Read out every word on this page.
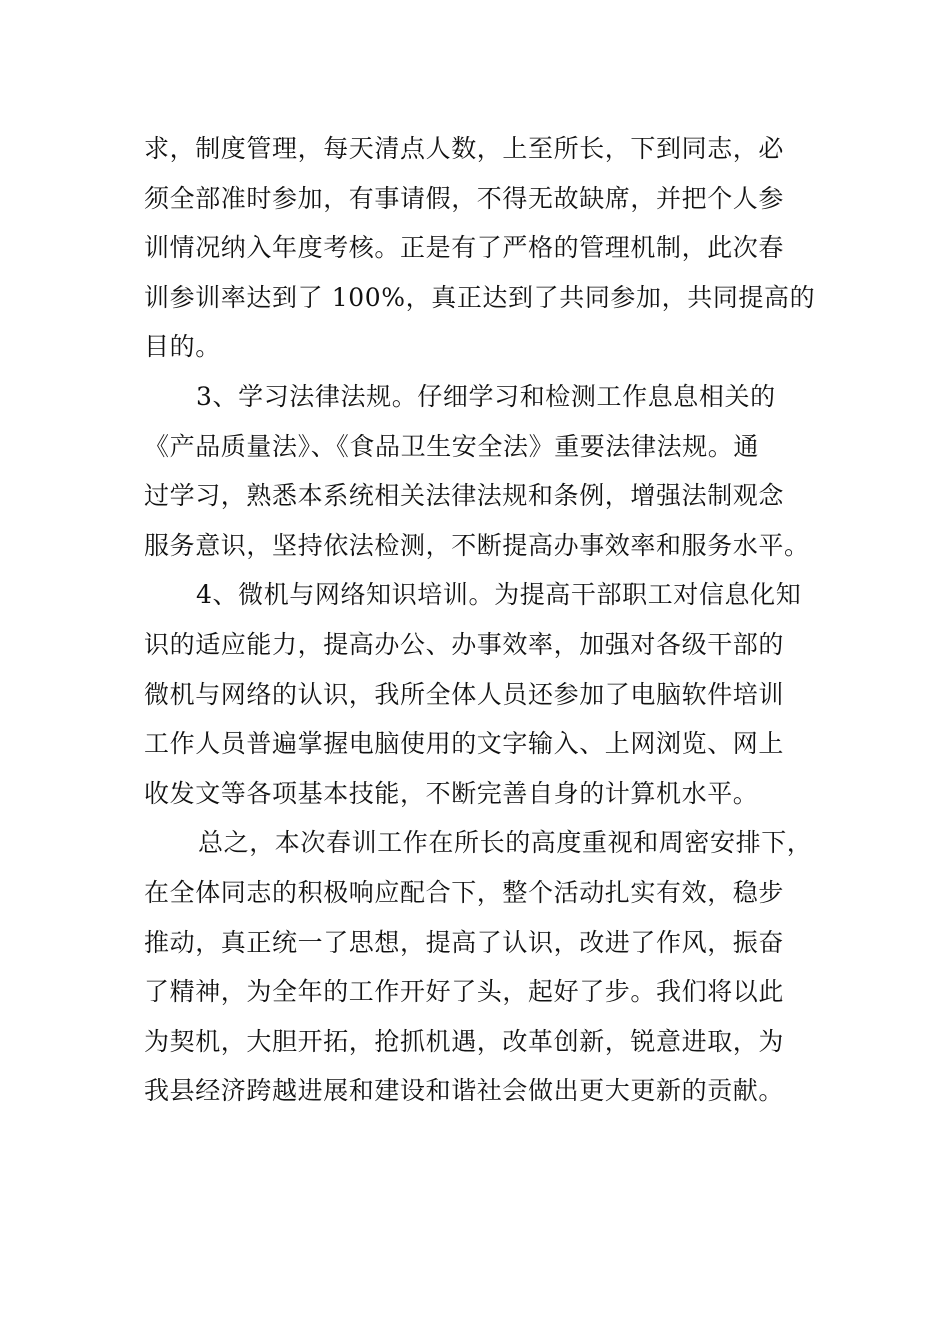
求，制度管理，每天清点人数，上至所长，下到同志，必
须全部准时参加，有事请假，不得无故缺席，并把个人参
训情况纳入年度考核。正是有了严格的管理机制，此次春
训参训率达到了 100%，真正达到了共同参加，共同提高的
目的。
3、学习法律法规。仔细学习和检测工作息息相关的
《产品质量法》、《食品卫生安全法》重要法律法规。通
过学习，熟悉本系统相关法律法规和条例，增强法制观念
服务意识，坚持依法检测，不断提高办事效率和服务水平。
4、微机与网络知识培训。为提高干部职工对信息化知
识的适应能力，提高办公、办事效率，加强对各级干部的
微机与网络的认识，我所全体人员还参加了电脑软件培训
工作人员普遍掌握电脑使用的文字输入、上网浏览、网上
收发文等各项基本技能，不断完善自身的计算机水平。
总之，本次春训工作在所长的高度重视和周密安排下，
在全体同志的积极响应配合下，整个活动扎实有效，稳步
推动，真正统一了思想，提高了认识，改进了作风，振奋
了精神，为全年的工作开好了头，起好了步。我们将以此
为契机，大胆开拓，抢抓机遇，改革创新，锐意进取，为
我县经济跨越进展和建设和谐社会做出更大更新的贡献。
